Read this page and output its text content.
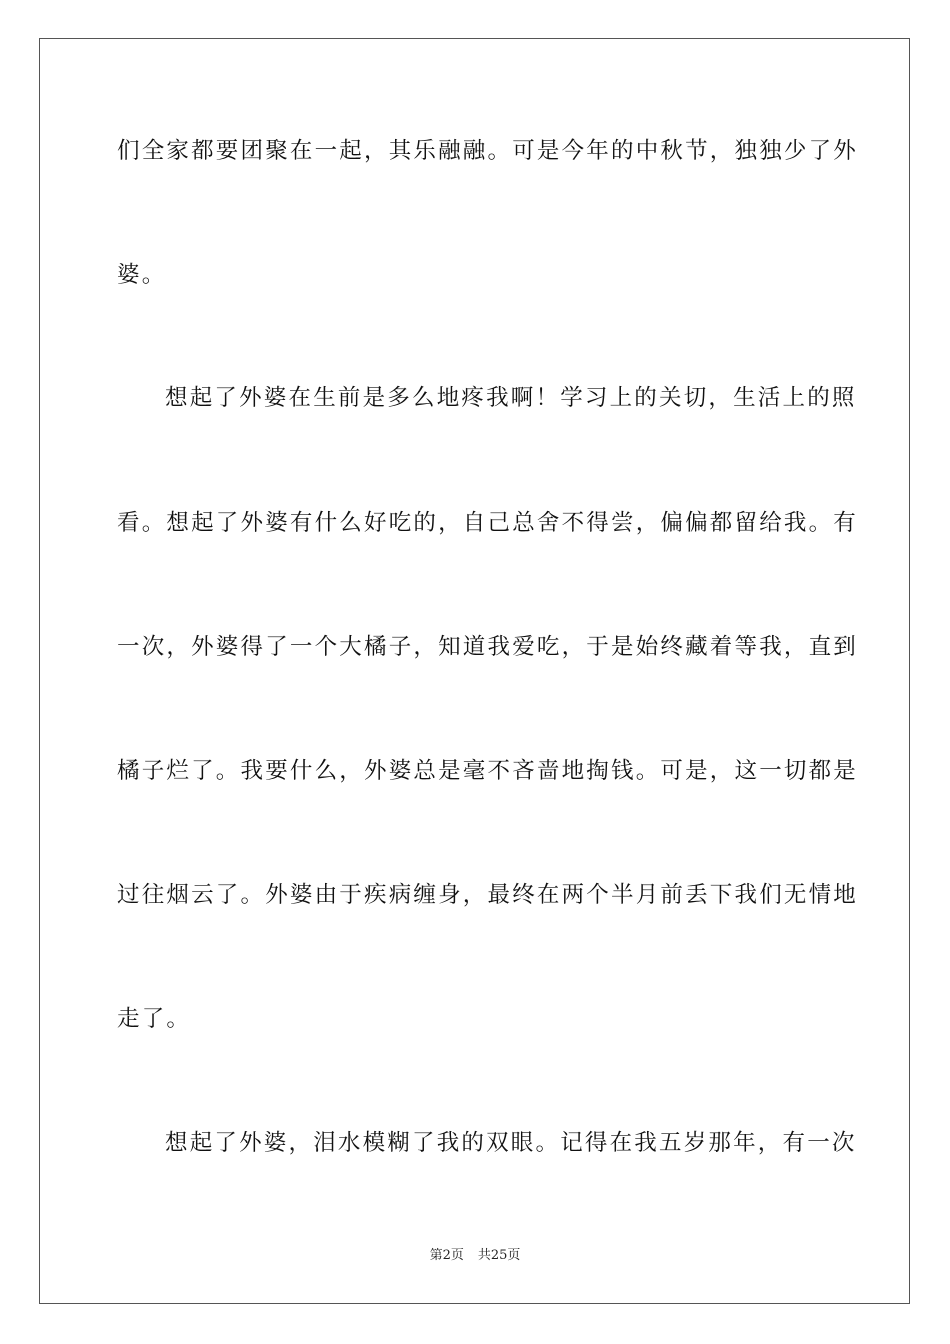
们全家都要团聚在一起，其乐融融。可是今年的中秋节，独独少了外
婆。
想起了外婆在生前是多么地疼我啊！学习上的关切，生活上的照
看。想起了外婆有什么好吃的，自己总舍不得尝，偏偏都留给我。有
一次，外婆得了一个大橘子，知道我爱吃，于是始终藏着等我，直到
橘子烂了。我要什么，外婆总是毫不吝啬地掏钱。可是，这一切都是
过往烟云了。外婆由于疾病缠身，最终在两个半月前丢下我们无情地
走了。
想起了外婆，泪水模糊了我的双眼。记得在我五岁那年，有一次
第2页 共25页
